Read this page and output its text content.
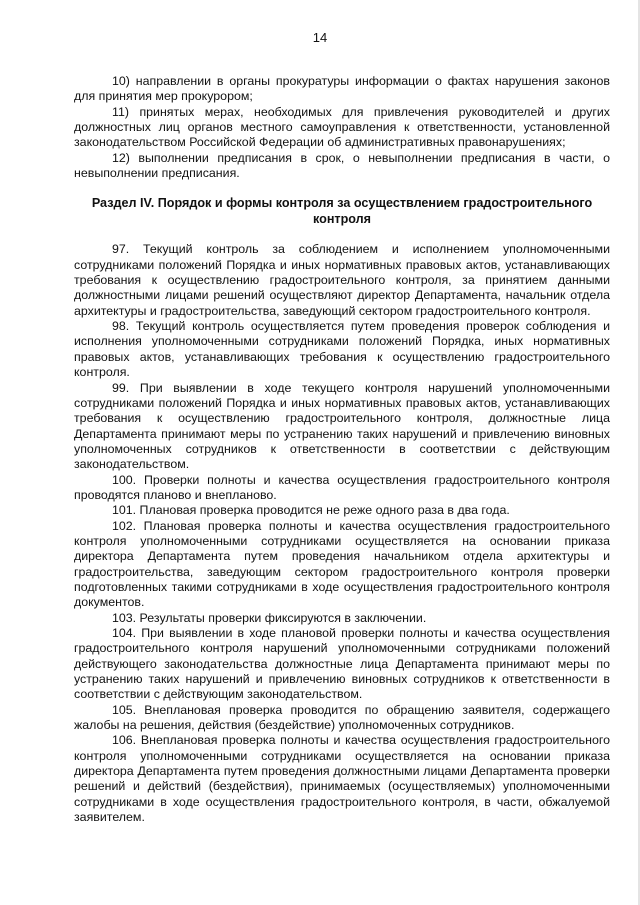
14

10) направлении в органы прокуратуры информации о фактах нарушения законов для принятия мер прокурором;

11) принятых мерах, необходимых для привлечения руководителей и других должностных лиц органов местного самоуправления к ответственности, установленной законодательством Российской Федерации об административных правонарушениях;

12) выполнении предписания в срок, о невыполнении предписания в части, о невыполнении предписания.

Раздел IV. Порядок и формы контроля за осуществлением градостроительного контроля

97. Текущий контроль за соблюдением и исполнением уполномоченными сотрудниками положений Порядка и иных нормативных правовых актов, устанавливающих требования к осуществлению градостроительного контроля, за принятием данными должностными лицами решений осуществляют директор Департамента, начальник отдела архитектуры и градостроительства, заведующий сектором градостроительного контроля.

98. Текущий контроль осуществляется путем проведения проверок соблюдения и исполнения уполномоченными сотрудниками положений Порядка, иных нормативных правовых актов, устанавливающих требования к осуществлению градостроительного контроля.

99. При выявлении в ходе текущего контроля нарушений уполномоченными сотрудниками положений Порядка и иных нормативных правовых актов, устанавливающих требования к осуществлению градостроительного контроля, должностные лица Департамента принимают меры по устранению таких нарушений и привлечению виновных уполномоченных сотрудников к ответственности в соответствии с действующим законодательством.

100. Проверки полноты и качества осуществления градостроительного контроля проводятся планово и внепланово.

101. Плановая проверка проводится не реже одного раза в два года.

102. Плановая проверка полноты и качества осуществления градостроительного контроля уполномоченными сотрудниками осуществляется на основании приказа директора Департамента путем проведения начальником отдела архитектуры и градостроительства, заведующим сектором градостроительного контроля проверки подготовленных такими сотрудниками в ходе осуществления градостроительного контроля документов.

103. Результаты проверки фиксируются в заключении.

104. При выявлении в ходе плановой проверки полноты и качества осуществления градостроительного контроля нарушений уполномоченными сотрудниками положений действующего законодательства должностные лица Департамента принимают меры по устранению таких нарушений и привлечению виновных сотрудников к ответственности в соответствии с действующим законодательством.

105. Внеплановая проверка проводится по обращению заявителя, содержащего жалобы на решения, действия (бездействие) уполномоченных сотрудников.

106. Внеплановая проверка полноты и качества осуществления градостроительного контроля уполномоченными сотрудниками осуществляется на основании приказа директора Департамента путем проведения должностными лицами Департамента проверки решений и действий (бездействия), принимаемых (осуществляемых) уполномоченными сотрудниками в ходе осуществления градостроительного контроля, в части, обжалуемой заявителем.
